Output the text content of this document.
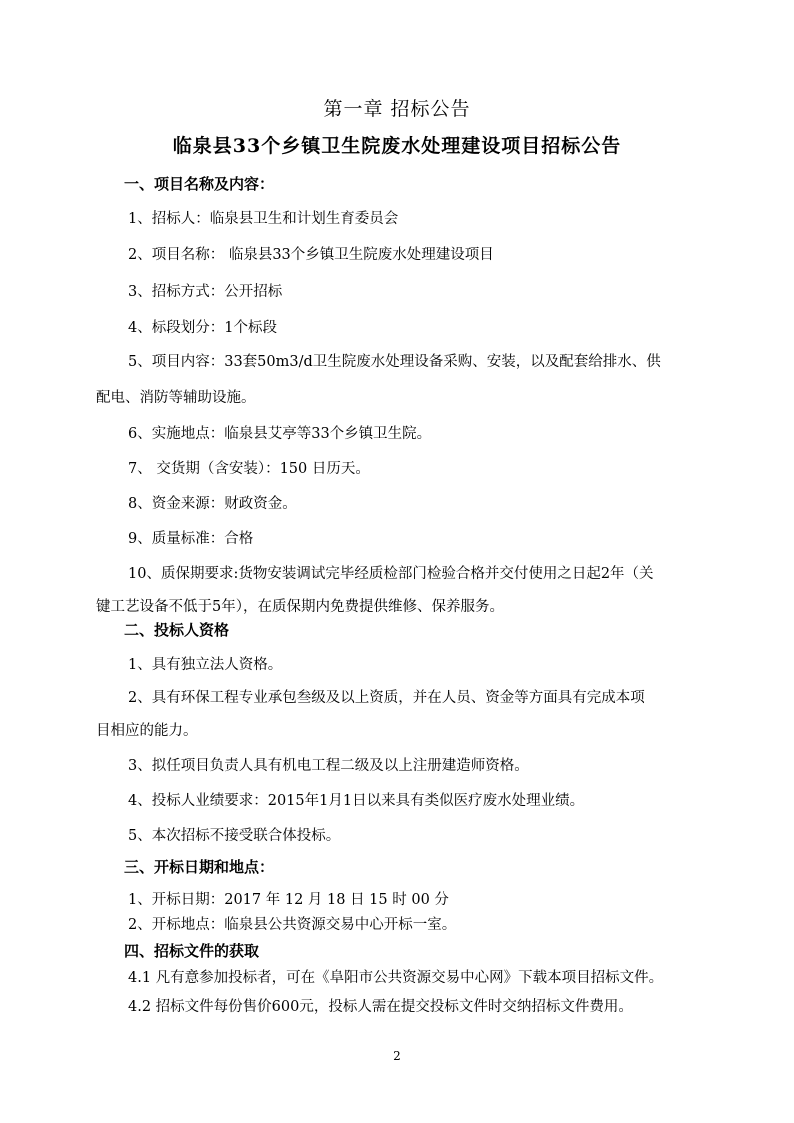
第一章 招标公告
临泉县33个乡镇卫生院废水处理建设项目招标公告
一、项目名称及内容：
1、招标人：临泉县卫生和计划生育委员会
2、项目名称： 临泉县33个乡镇卫生院废水处理建设项目
3、招标方式：公开招标
4、标段划分：1个标段
5、项目内容：33套50m3/d卫生院废水处理设备采购、安装，以及配套给排水、供
配电、消防等辅助设施。
6、实施地点：临泉县艾亭等33个乡镇卫生院。
7、 交货期（含安装）：150 日历天。
8、资金来源：财政资金。
9、质量标准：合格
10、质保期要求:货物安装调试完毕经质检部门检验合格并交付使用之日起2年（关
键工艺设备不低于5年），在质保期内免费提供维修、保养服务。
二、投标人资格
1、具有独立法人资格。
2、具有环保工程专业承包叁级及以上资质，并在人员、资金等方面具有完成本项
目相应的能力。
3、拟任项目负责人具有机电工程二级及以上注册建造师资格。
4、投标人业绩要求：2015年1月1日以来具有类似医疗废水处理业绩。
5、本次招标不接受联合体投标。
三、开标日期和地点：
1、开标日期：2017 年 12 月 18 日 15 时 00 分
2、开标地点：临泉县公共资源交易中心开标一室。
四、招标文件的获取
4.1 凡有意参加投标者，可在《阜阳市公共资源交易中心网》下载本项目招标文件。
4.2 招标文件每份售价600元，投标人需在提交投标文件时交纳招标文件费用。
2
